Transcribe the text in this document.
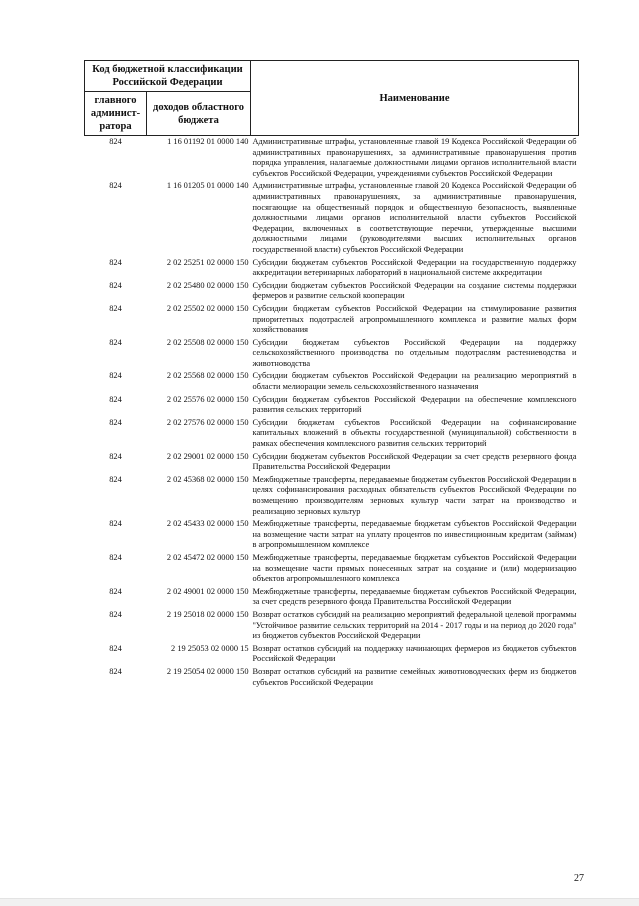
Код бюджетной классификации Российской Федерации		Наименование
главного админист-ратора	доходов областного бюджета	
824	1 16 01192 01 0000 140	Административные штрафы, установленные главой 19 Кодекса Российской Федерации об административных правонарушениях, за административные правонарушения против порядка управления, налагаемые должностными лицами органов исполнительной власти субъектов Российской Федерации, учреждениями субъектов Российской Федерации
824	1 16 01205 01 0000 140	Административные штрафы, установленные главой 20 Кодекса Российской Федерации об административных правонарушениях, за административные правонарушения, посягающие на общественный порядок и общественную безопасность, выявленные должностными лицами органов исполнительной власти субъектов Российской Федерации, включенных в соответствующие перечни, утвержденные высшими должностными лицами (руководителями высших исполнительных органов государственной власти) субъектов Российской Федерации
824	2 02 25251 02 0000 150	Субсидии бюджетам субъектов Российской Федерации на государственную поддержку аккредитации ветеринарных лабораторий в национальной системе аккредитации
824	2 02 25480 02 0000 150	Субсидии бюджетам субъектов Российской Федерации на создание системы поддержки фермеров и развитие сельской кооперации
824	2 02 25502 02 0000 150	Субсидии бюджетам субъектов Российской Федерации на стимулирование развития приоритетных подотраслей агропромышленного комплекса и развитие малых форм хозяйствования
824	2 02 25508 02 0000 150	Субсидии бюджетам субъектов Российской Федерации на поддержку сельскохозяйственного производства по отдельным подотраслям растениеводства и животноводства
824	2 02 25568 02 0000 150	Субсидии бюджетам субъектов Российской Федерации на реализацию мероприятий в области мелиорации земель сельскохозяйственного назначения
824	2 02 25576 02 0000 150	Субсидии бюджетам субъектов Российской Федерации на обеспечение комплексного развития сельских территорий
824	2 02 27576 02 0000 150	Субсидии бюджетам субъектов Российской Федерации на софинансирование капитальных вложений в объекты государственной (муниципальной) собственности в рамках обеспечения комплексного развития сельских территорий
824	2 02 29001 02 0000 150	Субсидии бюджетам субъектов Российской Федерации за счет средств резервного фонда Правительства Российской Федерации
824	2 02 45368 02 0000 150	Межбюджетные трансферты, передаваемые бюджетам субъектов Российской Федерации в целях софинансирования расходных обязательств субъектов Российской Федерации по возмещению производителям зерновых культур части затрат на производство и реализацию зерновых культур
824	2 02 45433 02 0000 150	Межбюджетные трансферты, передаваемые бюджетам субъектов Российской Федерации на возмещение части затрат на уплату процентов по инвестиционным кредитам (займам) в агропромышленном комплексе
824	2 02 45472 02 0000 150	Межбюджетные трансферты, передаваемые бюджетам субъектов Российской Федерации на возмещение части прямых понесенных затрат на создание и (или) модернизацию объектов агропромышленного комплекса
824	2 02 49001 02 0000 150	Межбюджетные трансферты, передаваемые бюджетам субъектов Российской Федерации, за счет средств резервного фонда Правительства Российской Федерации
824	2 19 25018 02 0000 150	Возврат остатков субсидий на реализацию мероприятий федеральной целевой программы "Устойчивое развитие сельских территорий на 2014 - 2017 годы и на период до 2020 года" из бюджетов субъектов Российской Федерации
824	2 19 25053 02 0000 15	Возврат остатков субсидий на поддержку начинающих фермеров из бюджетов субъектов Российской Федерации
824	2 19 25054 02 0000 150	Возврат остатков субсидий на развитие семейных животноводческих ферм из бюджетов субъектов Российской Федерации
27
